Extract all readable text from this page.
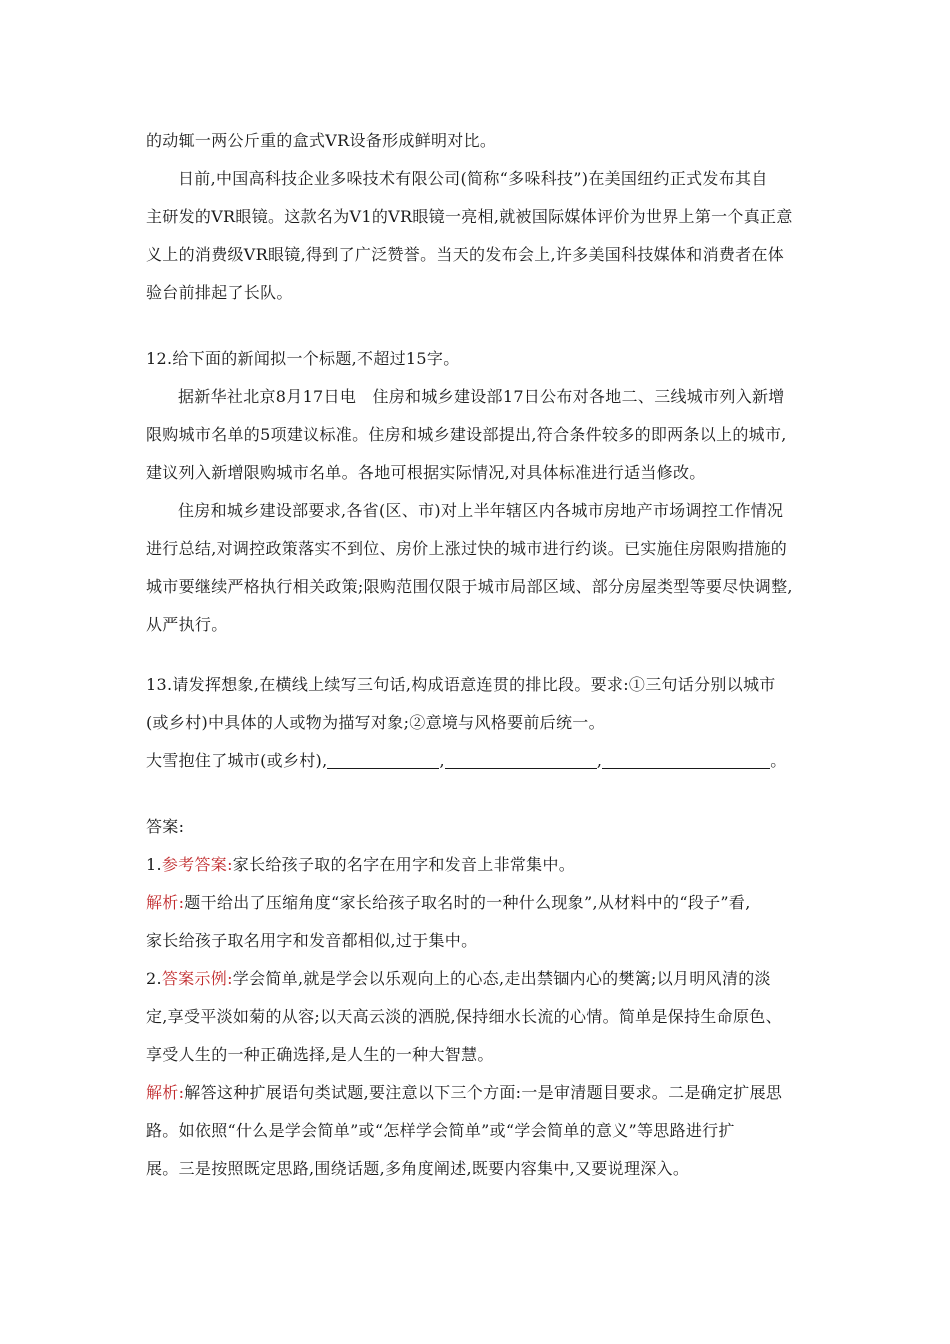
的动辄一两公斤重的盒式VR设备形成鲜明对比。
日前,中国高科技企业多哚技术有限公司(简称“多哚科技”)在美国纽约正式发布其自
主研发的VR眼镜。这款名为V1的VR眼镜一亮相,就被国际媒体评价为世界上第一个真正意
义上的消费级VR眼镜,得到了广泛赞誉。当天的发布会上,许多美国科技媒体和消费者在体
验台前排起了长队。
12.给下面的新闻拟一个标题,不超过15字。
据新华社北京8月17日电　住房和城乡建设部17日公布对各地二、三线城市列入新增
限购城市名单的5项建议标准。住房和城乡建设部提出,符合条件较多的即两条以上的城市,
建议列入新增限购城市名单。各地可根据实际情况,对具体标准进行适当修改。
住房和城乡建设部要求,各省(区、市)对上半年辖区内各城市房地产市场调控工作情况
进行总结,对调控政策落实不到位、房价上涨过快的城市进行约谈。已实施住房限购措施的
城市要继续严格执行相关政策;限购范围仅限于城市局部区域、部分房屋类型等要尽快调整,
从严执行。
13.请发挥想象,在横线上续写三句话,构成语意连贯的排比段。要求:①三句话分别以城市
(或乡村)中具体的人或物为描写对象;②意境与风格要前后统一。
大雪抱住了城市(或乡村),	,	,	。
答案:
1.参考答案:家长给孩子取的名字在用字和发音上非常集中。
解析:题干给出了压缩角度“家长给孩子取名时的一种什么现象”,从材料中的“段子”看,
家长给孩子取名用字和发音都相似,过于集中。
2.答案示例:学会简单,就是学会以乐观向上的心态,走出禁锢内心的樊篱;以月明风清的淡
定,享受平淡如菊的从容;以天高云淡的洒脱,保持细水长流的心情。简单是保持生命原色、
享受人生的一种正确选择,是人生的一种大智慧。
解析:解答这种扩展语句类试题,要注意以下三个方面:一是审清题目要求。二是确定扩展思
路。如依照“什么是学会简单”或“怎样学会简单”或“学会简单的意义”等思路进行扩
展。三是按照既定思路,围绕话题,多角度阐述,既要内容集中,又要说理深入。
